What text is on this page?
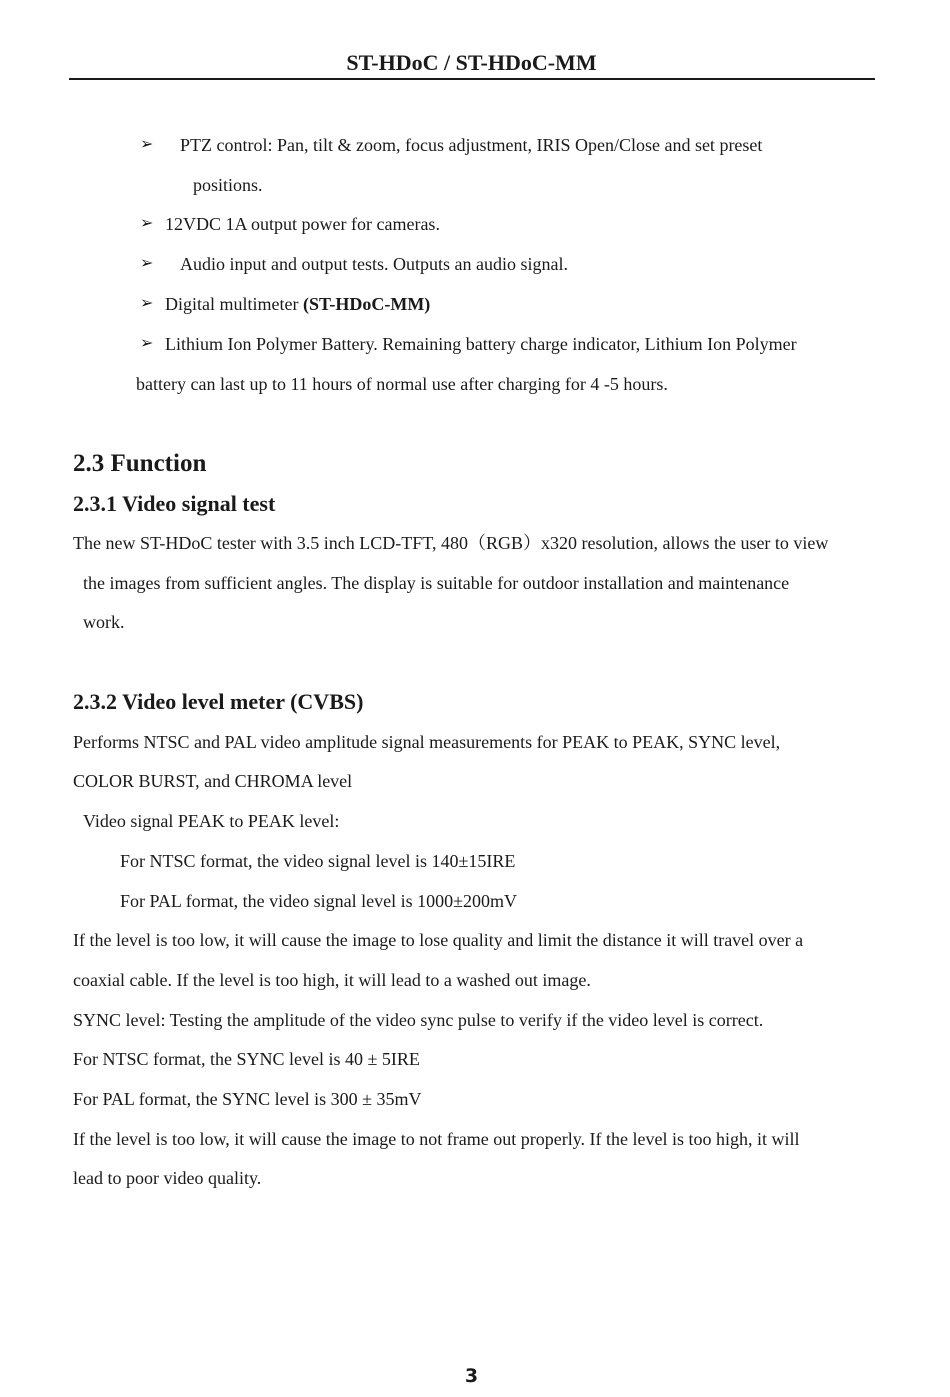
ST-HDoC / ST-HDoC-MM
➢ PTZ control: Pan, tilt & zoom, focus adjustment, IRIS Open/Close and set preset
positions.
➢ 12VDC 1A output power for cameras.
➢ Audio input and output tests. Outputs an audio signal.
➢ Digital multimeter (ST-HDoC-MM)
➢ Lithium Ion Polymer Battery. Remaining battery charge indicator, Lithium Ion Polymer
battery can last up to 11 hours of normal use after charging for 4 -5 hours.
2.3 Function
2.3.1 Video signal test
The new ST-HDoC tester with 3.5 inch LCD-TFT, 480（RGB）x320 resolution, allows the user to view
the images from sufficient angles. The display is suitable for outdoor installation and maintenance
work.
2.3.2 Video level meter (CVBS)
Performs NTSC and PAL video amplitude signal measurements for PEAK to PEAK, SYNC level,
COLOR BURST, and CHROMA level
Video signal PEAK to PEAK level:
For NTSC format, the video signal level is 140±15IRE
For PAL format, the video signal level is 1000±200mV
If the level is too low, it will cause the image to lose quality and limit the distance it will travel over a
coaxial cable. If the level is too high, it will lead to a washed out image.
SYNC level: Testing the amplitude of the video sync pulse to verify if the video level is correct.
For NTSC format, the SYNC level is 40 ± 5IRE
For PAL format, the SYNC level is 300 ± 35mV
If the level is too low, it will cause the image to not frame out properly. If the level is too high, it will
lead to poor video quality.
3
